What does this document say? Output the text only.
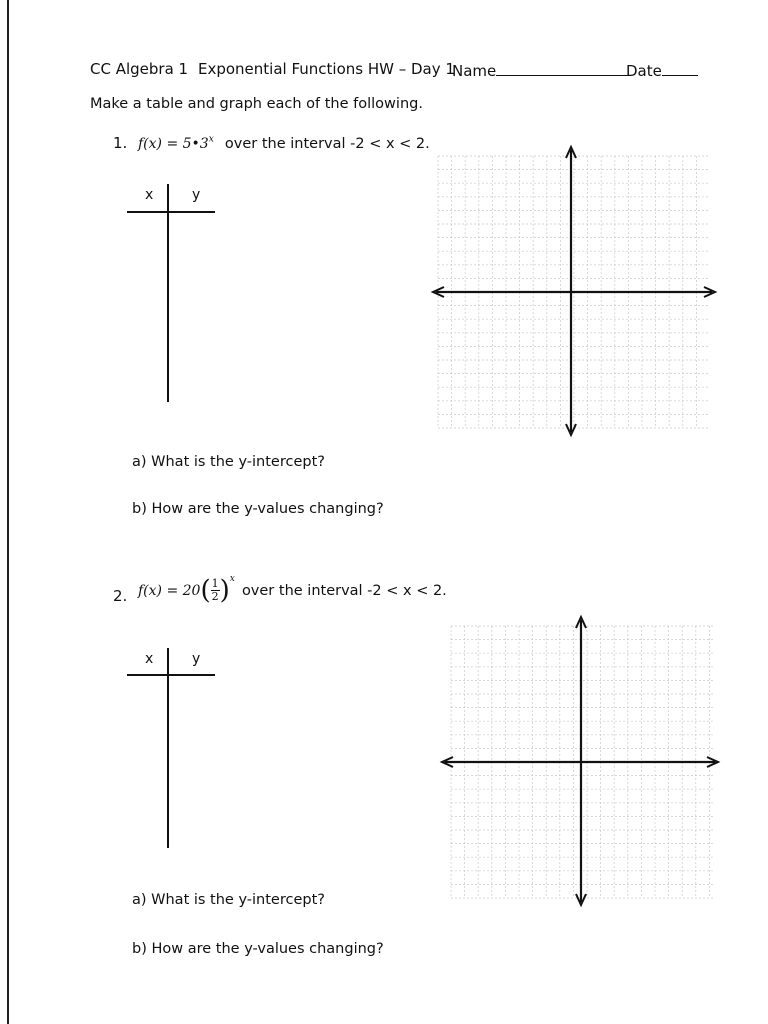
CC Algebra 1 Exponential Functions HW – Day 1
Name	Date
Make a table and graph each of the following.
1. $f(x) = 5•3^x$ over the interval -2 < x < 2.
x	y
a) What is the y-intercept?
b) How are the y-values changing?
2. $f(x) = 20( \frac{1}{2} )^x$ over the interval -2 < x < 2.
x	y
a) What is the y-intercept?
b) How are the y-values changing?
